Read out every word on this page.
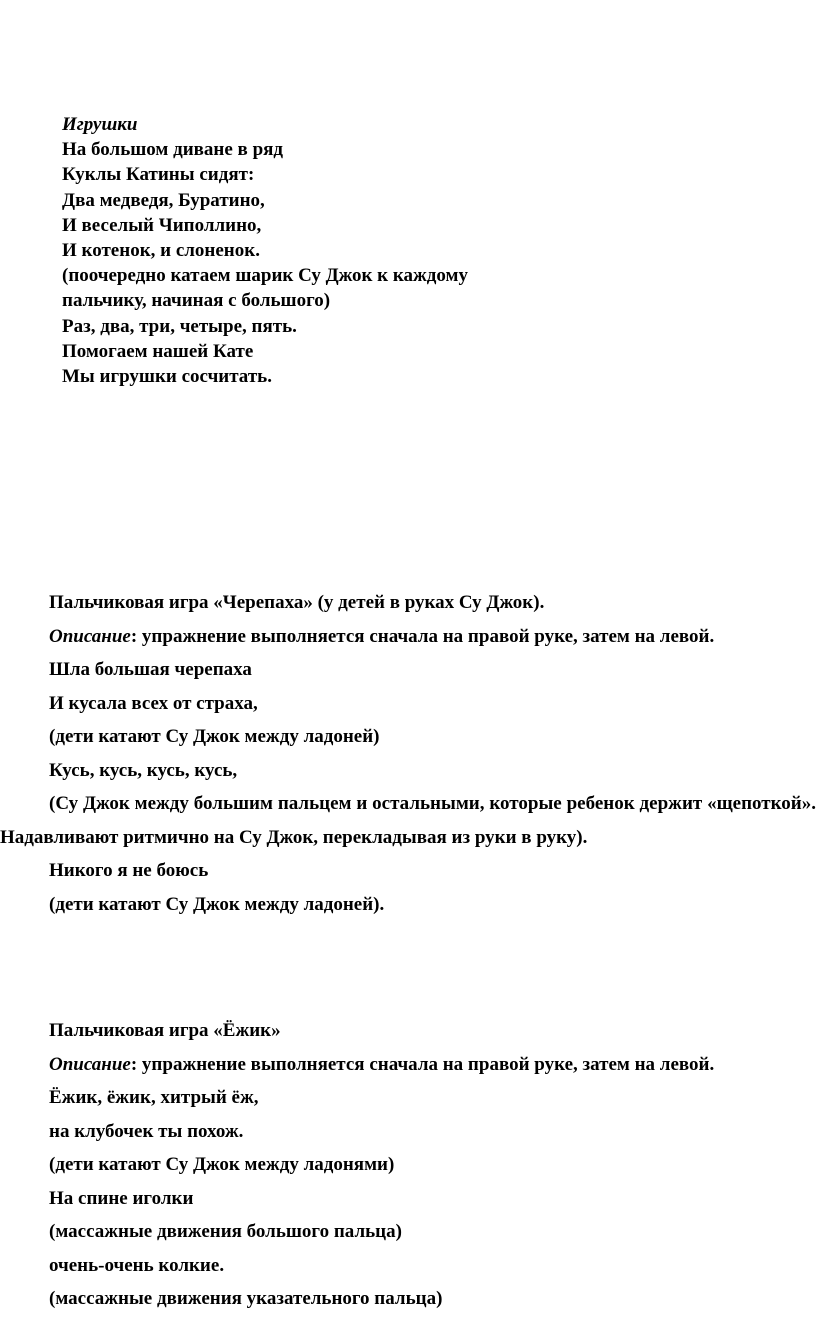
Игрушки
На большом диване в ряд
Куклы Катины сидят:
Два медведя, Буратино,
И веселый Чиполлино,
И котенок, и слоненок.
(поочередно катаем шарик Су Джок к каждому
пальчику, начиная с большого)
Раз, два, три, четыре, пять.
Помогаем нашей Кате
Мы игрушки сосчитать.
Пальчиковая игра «Черепаха» (у детей в руках Су Джок).
Описание: упражнение выполняется сначала на правой руке, затем на левой.
Шла большая черепаха
И кусала всех от страха,
(дети катают Су Джок между ладоней)
Кусь, кусь, кусь, кусь,
(Су Джок между большим пальцем и остальными, которые ребенок держит «щепоткой». Надавливают ритмично на Су Джок, перекладывая из руки в руку).
Никого я не боюсь
(дети катают Су Джок между ладоней).
Пальчиковая игра «Ёжик»
Описание: упражнение выполняется сначала на правой руке, затем на левой.
Ёжик, ёжик, хитрый ёж,
на клубочек ты похож.
(дети катают Су Джок между ладонями)
На спине иголки
(массажные движения большого пальца)
очень-очень колкие.
(массажные движения указательного пальца)
